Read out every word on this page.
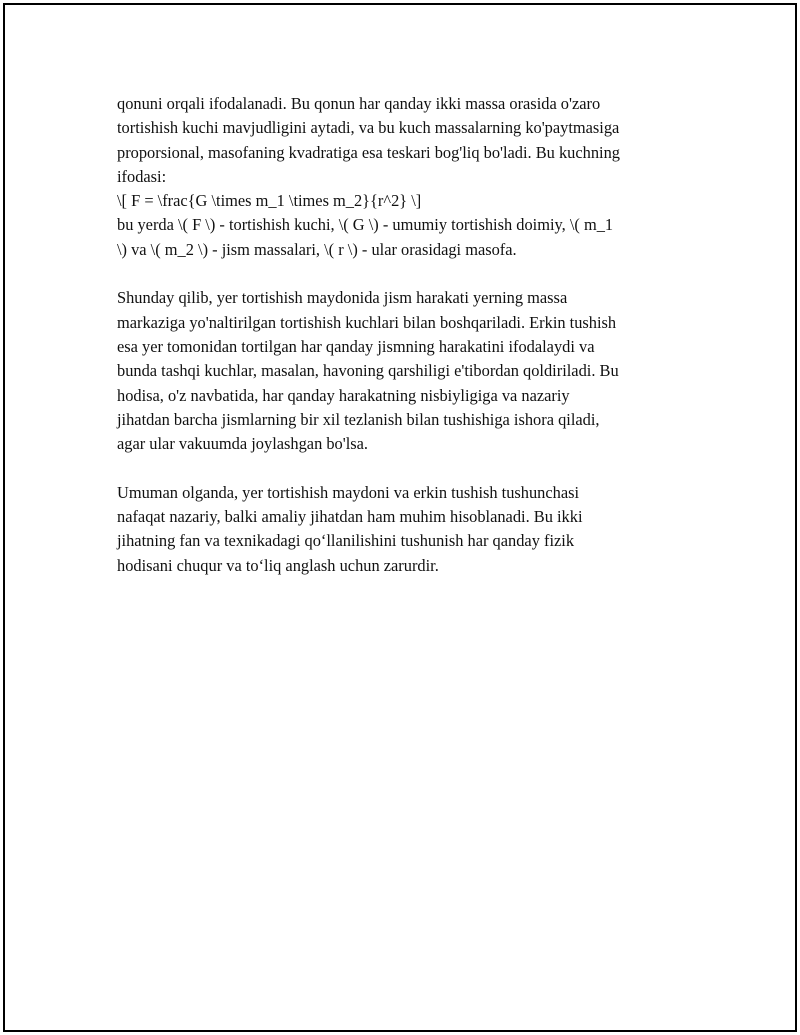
qonuni orqali ifodalanadi. Bu qonun har qanday ikki massa orasida o'zaro
tortishish kuchi mavjudligini aytadi, va bu kuch massalarning ko'paytmasiga
proporsional, masofaning kvadratiga esa teskari bog'liq bo'ladi. Bu kuchning
ifodasi:
\[ F = \frac{G \times m_1 \times m_2}{r^2} \]
bu yerda \( F \) - tortishish kuchi, \( G \) - umumiy tortishish doimiy, \( m_1
\) va \( m_2 \) - jism massalari, \( r \) - ular orasidagi masofa.

Shunday qilib, yer tortishish maydonida jism harakati yerning massa
markaziga yo'naltirilgan tortishish kuchlari bilan boshqariladi. Erkin tushish
esa yer tomonidan tortilgan har qanday jismning harakatini ifodalaydi va
bunda tashqi kuchlar, masalan, havoning qarshiligi e'tibordan qoldiriladi. Bu
hodisa, o'z navbatida, har qanday harakatning nisbiyligiga va nazariy
jihatdan barcha jismlarning bir xil tezlanish bilan tushishiga ishora qiladi,
agar ular vakuumda joylashgan bo'lsa.

Umuman olganda, yer tortishish maydoni va erkin tushish tushunchasi
nafaqat nazariy, balki amaliy jihatdan ham muhim hisoblanadi. Bu ikki
jihatning fan va texnikadagi qo‘llanilishini tushunish har qanday fizik
hodisani chuqur va to‘liq anglash uchun zarurdir.
